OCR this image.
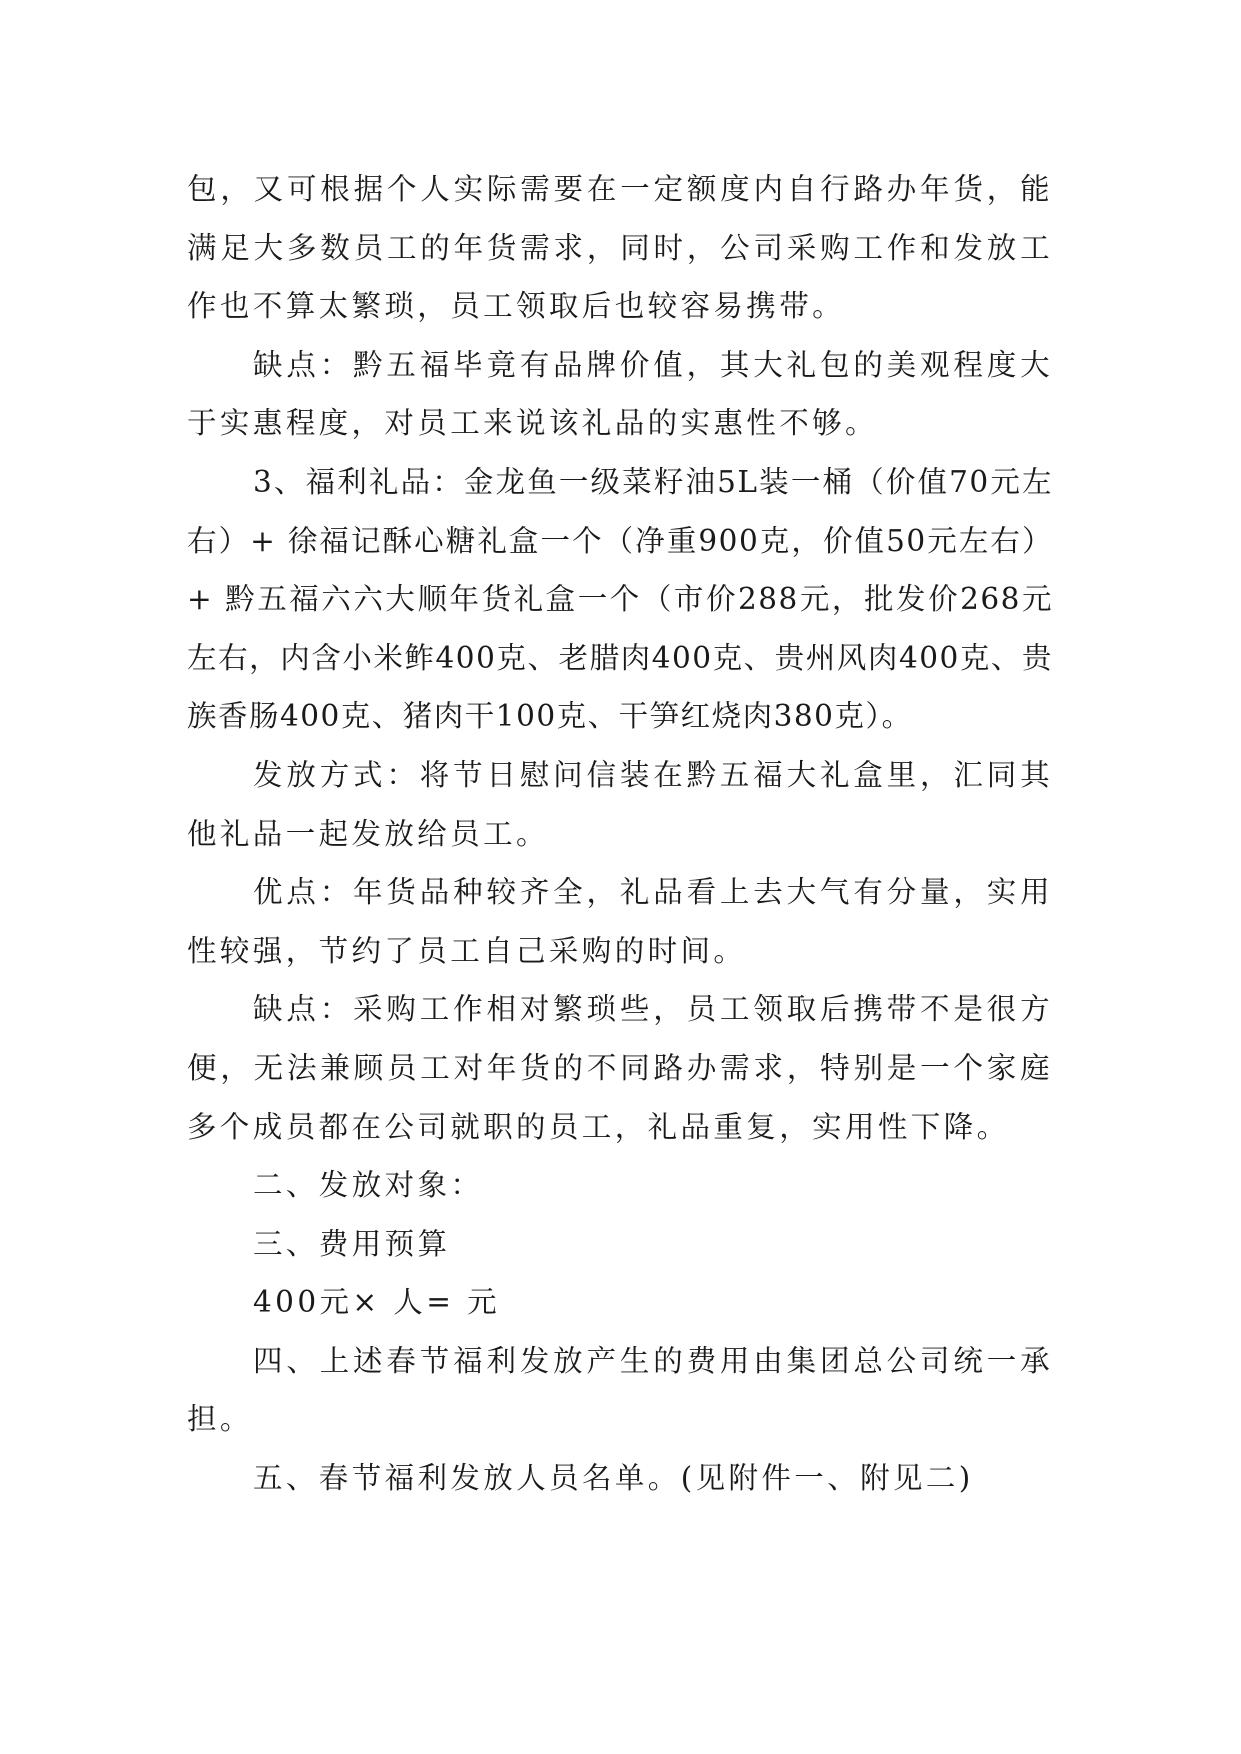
包，又可根据个人实际需要在一定额度内自行路办年货，能满足大多数员工的年货需求，同时，公司采购工作和发放工作也不算太繁琐，员工领取后也较容易携带。

缺点：黔五福毕竟有品牌价值，其大礼包的美观程度大于实惠程度，对员工来说该礼品的实惠性不够。

3、福利礼品：金龙鱼一级菜籽油5L装一桶（价值70元左右）+ 徐福记酥心糖礼盒一个（净重900克，价值50元左右）+ 黔五福六六大顺年货礼盒一个（市价288元，批发价268元左右，内含小米鲊400克、老腊肉400克、贵州风肉400克、贵族香肠400克、猪肉干100克、干笋红烧肉380克）。

发放方式：将节日慰问信装在黔五福大礼盒里，汇同其他礼品一起发放给员工。

优点：年货品种较齐全，礼品看上去大气有分量，实用性较强，节约了员工自己采购的时间。

缺点：采购工作相对繁琐些，员工领取后携带不是很方便，无法兼顾员工对年货的不同路办需求，特别是一个家庭多个成员都在公司就职的员工，礼品重复，实用性下降。

二、发放对象：

三、费用预算

400元× 人= 元

四、上述春节福利发放产生的费用由集团总公司统一承担。

五、春节福利发放人员名单。(见附件一、附见二)
